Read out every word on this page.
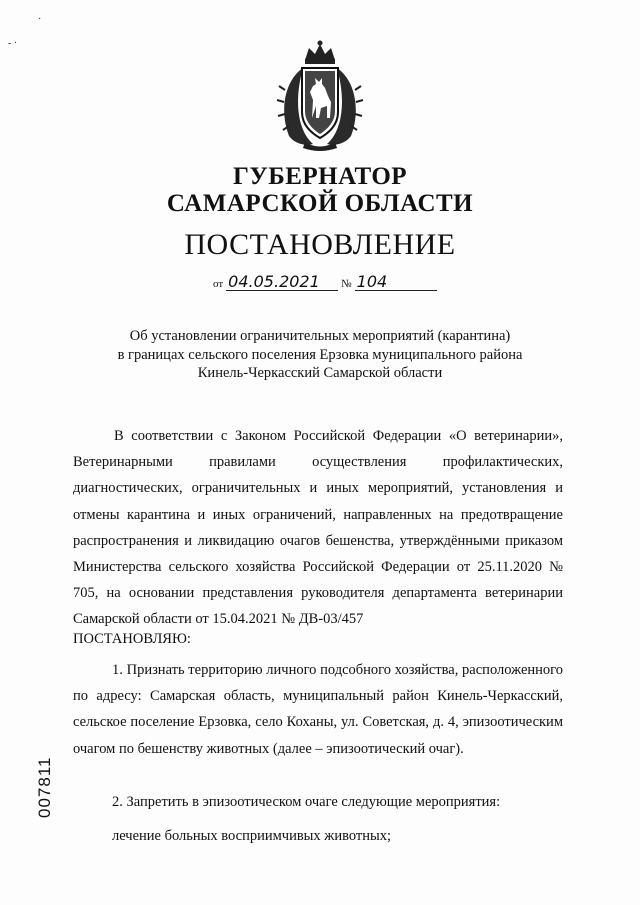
·
- ·
ГУБЕРНАТОР
САМАРСКОЙ ОБЛАСТИ
ПОСТАНОВЛЕНИЕ
от 04.05.2021 № 104
Об установлении ограничительных мероприятий (карантина)
в границах сельского поселения Ерзовка муниципального района
Кинель-Черкасский Самарской области
В соответствии с Законом Российской Федерации «О ветеринарии», Ветеринарными правилами осуществления профилактических, диагностических, ограничительных и иных мероприятий, установления и отмены карантина и иных ограничений, направленных на предотвращение распространения и ликвидацию очагов бешенства, утверждёнными приказом Министерства сельского хозяйства Российской Федерации от 25.11.2020 № 705, на основании представления руководителя департамента ветеринарии Самарской области от 15.04.2021 № ДВ-03/457
ПОСТАНОВЛЯЮ:
1. Признать территорию личного подсобного хозяйства, расположенного по адресу: Самарская область, муниципальный район Кинель-Черкасский, сельское поселение Ерзовка, село Коханы, ул. Советская, д. 4, эпизоотическим очагом по бешенству животных (далее – эпизоотический очаг).
2. Запретить в эпизоотическом очаге следующие мероприятия:
лечение больных восприимчивых животных;
007811
